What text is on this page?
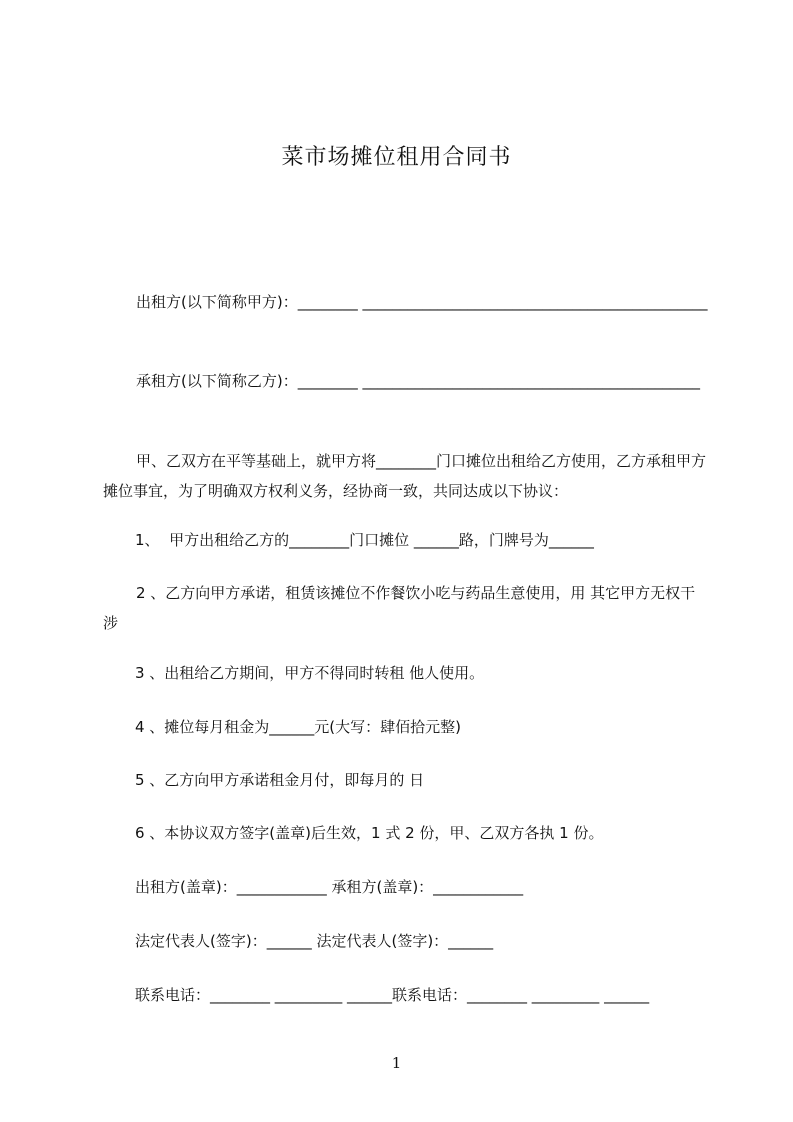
菜市场摊位租用合同书
出租方(以下简称甲方)：________ ______________________________________________
承租方(以下简称乙方)：________ _____________________________________________
甲、乙双方在平等基础上，就甲方将________门口摊位出租给乙方使用，乙方承租甲方摊位事宜，为了明确双方权利义务，经协商一致，共同达成以下协议：
1、  甲方出租给乙方的________门口摊位 ______路，门牌号为______
2 、乙方向甲方承诺，租赁该摊位不作餐饮小吃与药品生意使用，用 其它甲方无权干涉
3 、出租给乙方期间，甲方不得同时转租 他人使用。
4 、摊位每月租金为______元(大写：肆佰拾元整)
5 、乙方向甲方承诺租金月付，即每月的 日
6 、本协议双方签字(盖章)后生效，1 式 2 份，甲、乙双方各执 1 份。
出租方(盖章)：____________ 承租方(盖章)：____________
法定代表人(签字)：______ 法定代表人(签字)：______
联系电话：________ _________ ______联系电话：________ _________ ______
1
